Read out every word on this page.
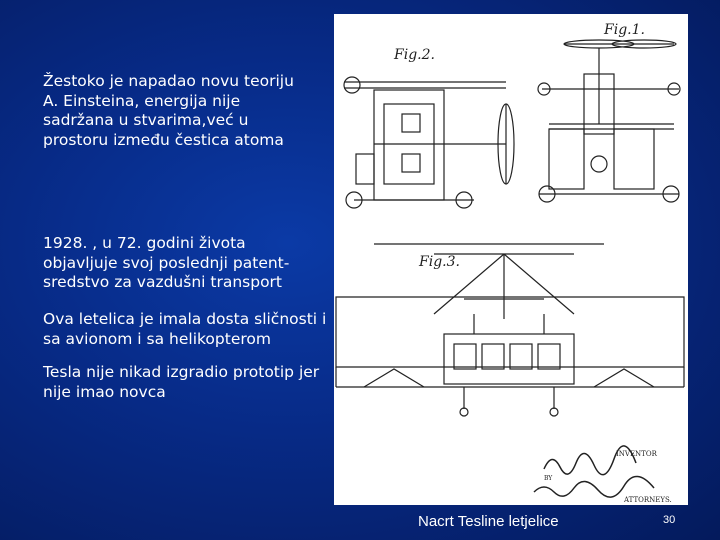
Žestoko je napadao novu teoriju
A. Einsteina, energija nije
sadržana u stvarima,već u
prostoru između čestica atoma
1928. , u 72. godini života
objavljuje svoj poslednji patent-
sredstvo za vazdušni transport
Ova letelica je imala dosta sličnosti i
sa avionom i sa helikopterom
Tesla nije nikad izgradio prototip jer
nije imao novca
Fig.1.
Fig.2.
Fig.3.
INVENTOR
BY
ATTORNEYS.
Nacrt Tesline letjelice	30
